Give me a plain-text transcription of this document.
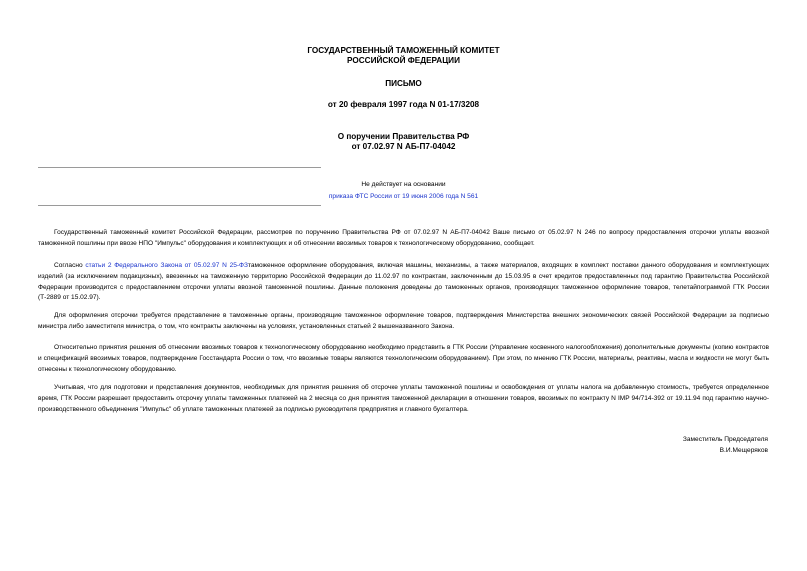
ГОСУДАРСТВЕННЫЙ ТАМОЖЕННЫЙ КОМИТЕТ
РОССИЙСКОЙ ФЕДЕРАЦИИ
ПИСЬМО
от 20 февраля 1997 года N 01-17/3208
О поручении Правительства РФ
от 07.02.97 N АБ-П7-04042
Не действует на основании
приказа ФТС России от 19 июня 2006 года N 561

Государственный таможенный комитет Российской Федерации, рассмотрев по поручению Правительства РФ от 07.02.97 N АБ-П7-04042 Ваше письмо от 05.02.97 N 246 по вопросу предоставления отсрочки уплаты ввозной таможенной пошлины при ввозе НПО "Импульс" оборудования и комплектующих и об отнесении ввозимых товаров к технологическому оборудованию, сообщает.

Согласно статьи 2 Федерального Закона от 05.02.97 N 25-ФЗтаможенное оформление оборудования, включая машины, механизмы, а также материалов, входящих в комплект поставки данного оборудования и комплектующих изделий (за исключением подакцизных), ввезенных на таможенную территорию Российской Федерации до 11.02.97 по контрактам, заключенным до 15.03.95 в счет кредитов предоставленных под гарантию Правительства Российской Федерации производится с предоставлением отсрочки уплаты ввозной таможенной пошлины. Данные положения доведены до таможенных органов, производящих таможенное оформление товаров, телетайпограммой ГТК России (Т-2889 от 15.02.97).

Для оформления отсрочки требуется представление в таможенные органы, производящие таможенное оформление товаров, подтверждения Министерства внешних экономических связей Российской Федерации за подписью министра либо заместителя министра, о том, что контракты заключены на условиях, установленных статьей 2 вышеназванного Закона.

Относительно принятия решения об отнесении ввозимых товаров к технологическому оборудованию необходимо представить в ГТК России (Управление косвенного налогообложения) дополнительные документы (копию контрактов и спецификаций ввозимых товаров, подтверждение Госстандарта России о том, что ввозимые товары являются технологическим оборудованием). При этом, по мнению ГТК России, материалы, реактивы, масла и жидкости не могут быть отнесены к технологическому оборудованию.

Учитывая, что для подготовки и представления документов, необходимых для принятия решения об отсрочке уплаты таможенной пошлины и освобождения от уплаты налога на добавленную стоимость, требуется определенное время, ГТК России разрешает предоставить отсрочку уплаты таможенных платежей на 2 месяца со дня принятия таможенной декларации в отношении товаров, ввозимых по контракту N IMP 94/714-392 от 19.11.94 под гарантию научно-производственного объединения "Импульс" об уплате таможенных платежей за подписью руководителя предприятия и главного бухгалтера.

Заместитель Председателя
В.И.Мещеряков
